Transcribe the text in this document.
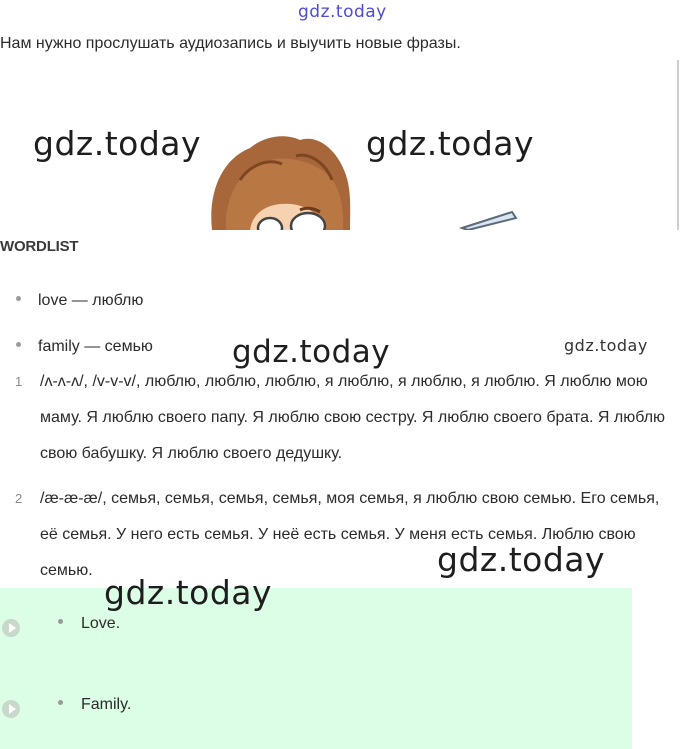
gdz.today
Нам нужно прослушать аудиозапись и выучить новые фразы.
gdz.today	gdz.today
WORDLIST
love — люблю
family — семью	gdz.today	gdz.today
1 /ʌ-ʌ-ʌ/, /v-v-v/, люблю, люблю, люблю, я люблю, я люблю, я люблю. Я люблю мою маму. Я люблю своего папу. Я люблю свою сестру. Я люблю своего брата. Я люблю свою бабушку. Я люблю своего дедушку.

2 /æ-æ-æ/, семья, семья, семья, семья, моя семья, я люблю свою семью. Его семья, её семья. У него есть семья. У неё есть семья. У меня есть семья. Люблю свою семью.

Love.
Family.
gdz.today
gdz.today
